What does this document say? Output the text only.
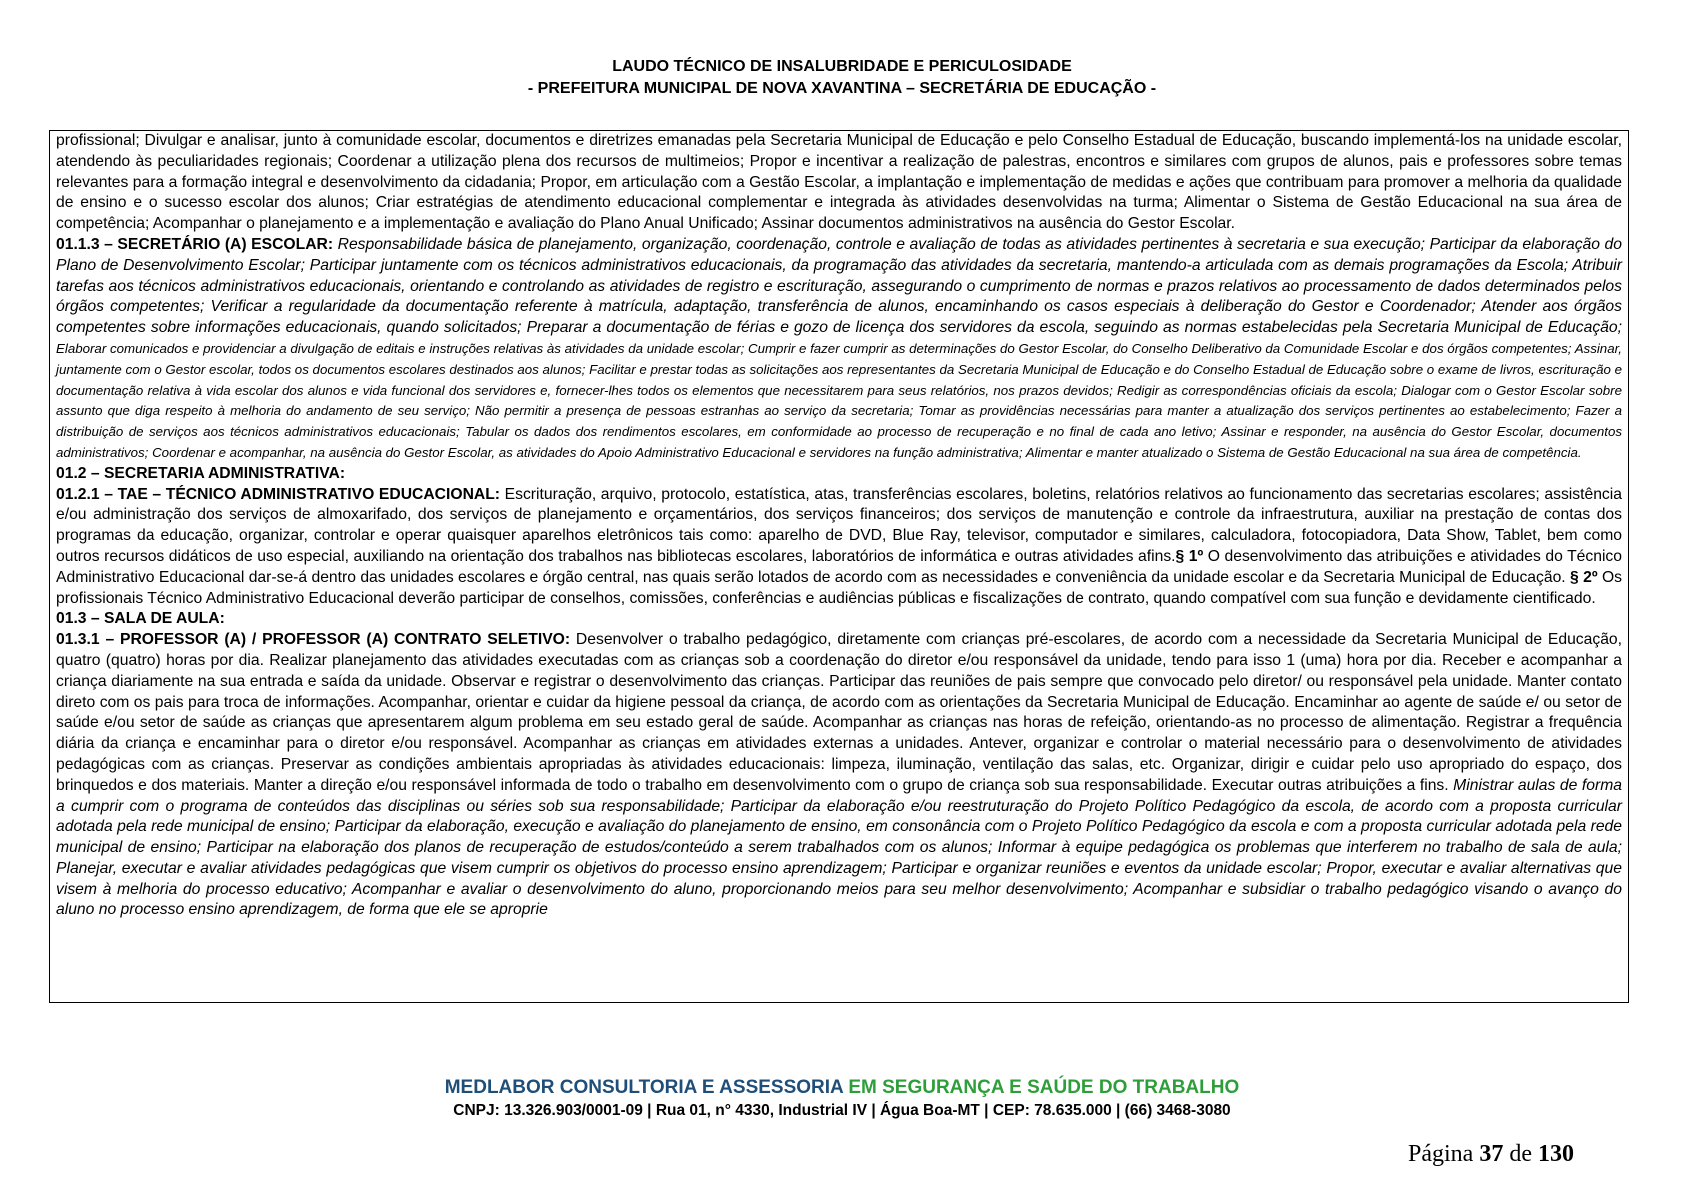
LAUDO TÉCNICO DE INSALUBRIDADE E PERICULOSIDADE
- PREFEITURA MUNICIPAL DE NOVA XAVANTINA – SECRETÁRIA DE EDUCAÇÃO -

profissional; Divulgar e analisar, junto à comunidade escolar, documentos e diretrizes emanadas pela Secretaria Municipal de Educação e pelo Conselho Estadual de Educação, buscando implementá-los na unidade escolar, atendendo às peculiaridades regionais; Coordenar a utilização plena dos recursos de multimeios; Propor e incentivar a realização de palestras, encontros e similares com grupos de alunos, pais e professores sobre temas relevantes para a formação integral e desenvolvimento da cidadania; Propor, em articulação com a Gestão Escolar, a implantação e implementação de medidas e ações que contribuam para promover a melhoria da qualidade de ensino e o sucesso escolar dos alunos; Criar estratégias de atendimento educacional complementar e integrada às atividades desenvolvidas na turma; Alimentar o Sistema de Gestão Educacional na sua área de competência; Acompanhar o planejamento e a implementação e avaliação do Plano Anual Unificado; Assinar documentos administrativos na ausência do Gestor Escolar.

01.1.3 – SECRETÁRIO (A) ESCOLAR: Responsabilidade básica de planejamento, organização, coordenação, controle e avaliação de todas as atividades pertinentes à secretaria e sua execução; Participar da elaboração do Plano de Desenvolvimento Escolar; Participar juntamente com os técnicos administrativos educacionais, da programação das atividades da secretaria, mantendo-a articulada com as demais programações da Escola; Atribuir tarefas aos técnicos administrativos educacionais, orientando e controlando as atividades de registro e escrituração, assegurando o cumprimento de normas e prazos relativos ao processamento de dados determinados pelos órgãos competentes; Verificar a regularidade da documentação referente à matrícula, adaptação, transferência de alunos, encaminhando os casos especiais à deliberação do Gestor e Coordenador; Atender aos órgãos competentes sobre informações educacionais, quando solicitados; Preparar a documentação de férias e gozo de licença dos servidores da escola, seguindo as normas estabelecidas pela Secretaria Municipal de Educação; Elaborar comunicados e providenciar a divulgação de editais e instruções relativas às atividades da unidade escolar; Cumprir e fazer cumprir as determinações do Gestor Escolar, do Conselho Deliberativo da Comunidade Escolar e dos órgãos competentes; Assinar, juntamente com o Gestor escolar, todos os documentos escolares destinados aos alunos; Facilitar e prestar todas as solicitações aos representantes da Secretaria Municipal de Educação e do Conselho Estadual de Educação sobre o exame de livros, escrituração e documentação relativa à vida escolar dos alunos e vida funcional dos servidores e, fornecer-lhes todos os elementos que necessitarem para seus relatórios, nos prazos devidos; Redigir as correspondências oficiais da escola; Dialogar com o Gestor Escolar sobre assunto que diga respeito à melhoria do andamento de seu serviço; Não permitir a presença de pessoas estranhas ao serviço da secretaria; Tomar as providências necessárias para manter a atualização dos serviços pertinentes ao estabelecimento; Fazer a distribuição de serviços aos técnicos administrativos educacionais; Tabular os dados dos rendimentos escolares, em conformidade ao processo de recuperação e no final de cada ano letivo; Assinar e responder, na ausência do Gestor Escolar, documentos administrativos; Coordenar e acompanhar, na ausência do Gestor Escolar, as atividades do Apoio Administrativo Educacional e servidores na função administrativa; Alimentar e manter atualizado o Sistema de Gestão Educacional na sua área de competência.

01.2 – SECRETARIA ADMINISTRATIVA:

01.2.1 – TAE – TÉCNICO ADMINISTRATIVO EDUCACIONAL: Escrituração, arquivo, protocolo, estatística, atas, transferências escolares, boletins, relatórios relativos ao funcionamento das secretarias escolares; assistência e/ou administração dos serviços de almoxarifado, dos serviços de planejamento e orçamentários, dos serviços financeiros; dos serviços de manutenção e controle da infraestrutura, auxiliar na prestação de contas dos programas da educação, organizar, controlar e operar quaisquer aparelhos eletrônicos tais como: aparelho de DVD, Blue Ray, televisor, computador e similares, calculadora, fotocopiadora, Data Show, Tablet, bem como outros recursos didáticos de uso especial, auxiliando na orientação dos trabalhos nas bibliotecas escolares, laboratórios de informática e outras atividades afins.§ 1º O desenvolvimento das atribuições e atividades do Técnico Administrativo Educacional dar-se-á dentro das unidades escolares e órgão central, nas quais serão lotados de acordo com as necessidades e conveniência da unidade escolar e da Secretaria Municipal de Educação. § 2º Os profissionais Técnico Administrativo Educacional deverão participar de conselhos, comissões, conferências e audiências públicas e fiscalizações de contrato, quando compatível com sua função e devidamente cientificado.

01.3 – SALA DE AULA:

01.3.1 – PROFESSOR (A) / PROFESSOR (A) CONTRATO SELETIVO: Desenvolver o trabalho pedagógico, diretamente com crianças pré-escolares, de acordo com a necessidade da Secretaria Municipal de Educação, quatro (quatro) horas por dia. Realizar planejamento das atividades executadas com as crianças sob a coordenação do diretor e/ou responsável da unidade, tendo para isso 1 (uma) hora por dia. Receber e acompanhar a criança diariamente na sua entrada e saída da unidade. Observar e registrar o desenvolvimento das crianças. Participar das reuniões de pais sempre que convocado pelo diretor/ ou responsável pela unidade. Manter contato direto com os pais para troca de informações. Acompanhar, orientar e cuidar da higiene pessoal da criança, de acordo com as orientações da Secretaria Municipal de Educação. Encaminhar ao agente de saúde e/ ou setor de saúde e/ou setor de saúde as crianças que apresentarem algum problema em seu estado geral de saúde. Acompanhar as crianças nas horas de refeição, orientando-as no processo de alimentação. Registrar a frequência diária da criança e encaminhar para o diretor e/ou responsável. Acompanhar as crianças em atividades externas a unidades. Antever, organizar e controlar o material necessário para o desenvolvimento de atividades pedagógicas com as crianças. Preservar as condições ambientais apropriadas às atividades educacionais: limpeza, iluminação, ventilação das salas, etc. Organizar, dirigir e cuidar pelo uso apropriado do espaço, dos brinquedos e dos materiais. Manter a direção e/ou responsável informada de todo o trabalho em desenvolvimento com o grupo de criança sob sua responsabilidade. Executar outras atribuições a fins. Ministrar aulas de forma a cumprir com o programa de conteúdos das disciplinas ou séries sob sua responsabilidade; Participar da elaboração e/ou reestruturação do Projeto Político Pedagógico da escola, de acordo com a proposta curricular adotada pela rede municipal de ensino; Participar da elaboração, execução e avaliação do planejamento de ensino, em consonância com o Projeto Político Pedagógico da escola e com a proposta curricular adotada pela rede municipal de ensino; Participar na elaboração dos planos de recuperação de estudos/conteúdo a serem trabalhados com os alunos; Informar à equipe pedagógica os problemas que interferem no trabalho de sala de aula; Planejar, executar e avaliar atividades pedagógicas que visem cumprir os objetivos do processo ensino aprendizagem; Participar e organizar reuniões e eventos da unidade escolar; Propor, executar e avaliar alternativas que visem à melhoria do processo educativo; Acompanhar e avaliar o desenvolvimento do aluno, proporcionando meios para seu melhor desenvolvimento; Acompanhar e subsidiar o trabalho pedagógico visando o avanço do aluno no processo ensino aprendizagem, de forma que ele se aproprie

MEDLABOR CONSULTORIA E ASSESSORIA EM SEGURANÇA E SAÚDE DO TRABALHO
CNPJ: 13.326.903/0001-09 | Rua 01, n° 4330, Industrial IV | Água Boa-MT | CEP: 78.635.000 | (66) 3468-3080
Página 37 de 130
